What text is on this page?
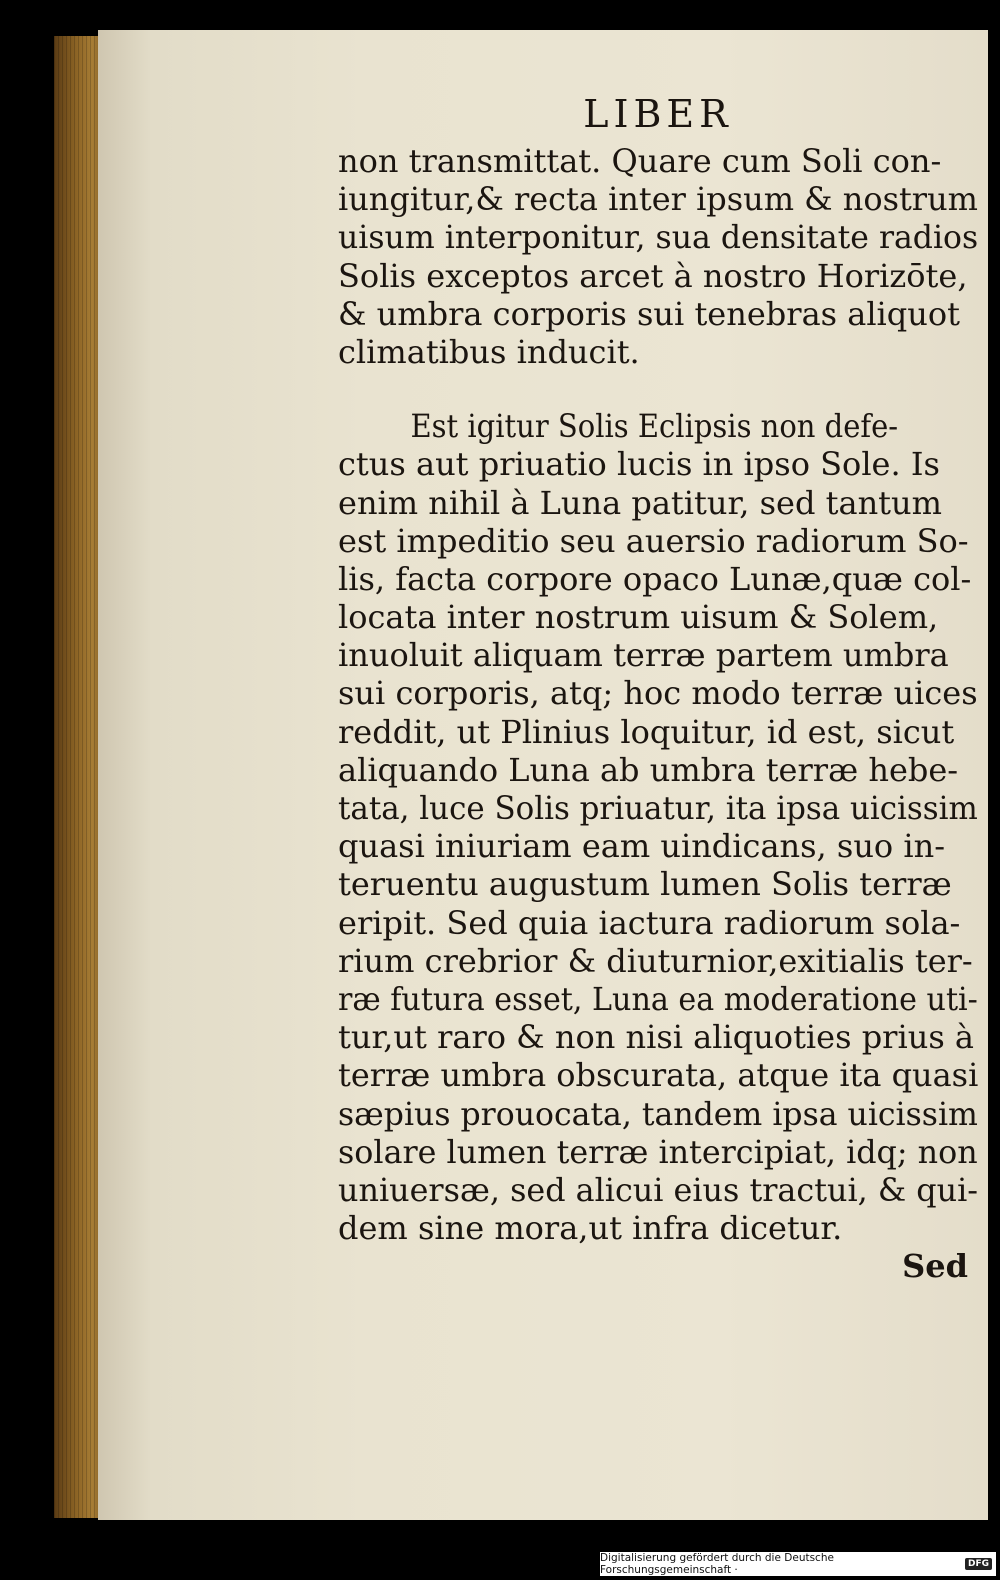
LIBER
non transmittat. Quare cum Soli con-
iungitur,& recta inter ipsum & nostrum
uisum interponitur, sua densitate radios
Solis exceptos arcet à nostro Horizōte,
& umbra corporis sui tenebras aliquot
climatibus inducit.
Est igitur Solis Eclipsis non defe-
ctus aut priuatio lucis in ipso Sole. Is
enim nihil à Luna patitur, sed tantum
est impeditio seu auersio radiorum So-
lis, facta corpore opaco Lunæ,quæ col-
locata inter nostrum uisum & Solem,
inuoluit aliquam terræ partem umbra
sui corporis, atq; hoc modo terræ uices
reddit, ut Plinius loquitur, id est, sicut
aliquando Luna ab umbra terræ hebe-
tata, luce Solis priuatur, ita ipsa uicissim
quasi iniuriam eam uindicans, suo in-
teruentu augustum lumen Solis terræ
eripit. Sed quia iactura radiorum sola-
rium crebrior & diuturnior,exitialis ter-
ræ futura esset, Luna ea moderatione uti-
tur,ut raro & non nisi aliquoties prius à
terræ umbra obscurata, atque ita quasi
sæpius prouocata, tandem ipsa uicissim
solare lumen terræ intercipiat, idq; non
uniuersæ, sed alicui eius tractui, & qui-
dem sine mora,ut infra dicetur.
Sed
Digitalisierung gefördert durch die Deutsche Forschungsgemeinschaft ·	DFG
